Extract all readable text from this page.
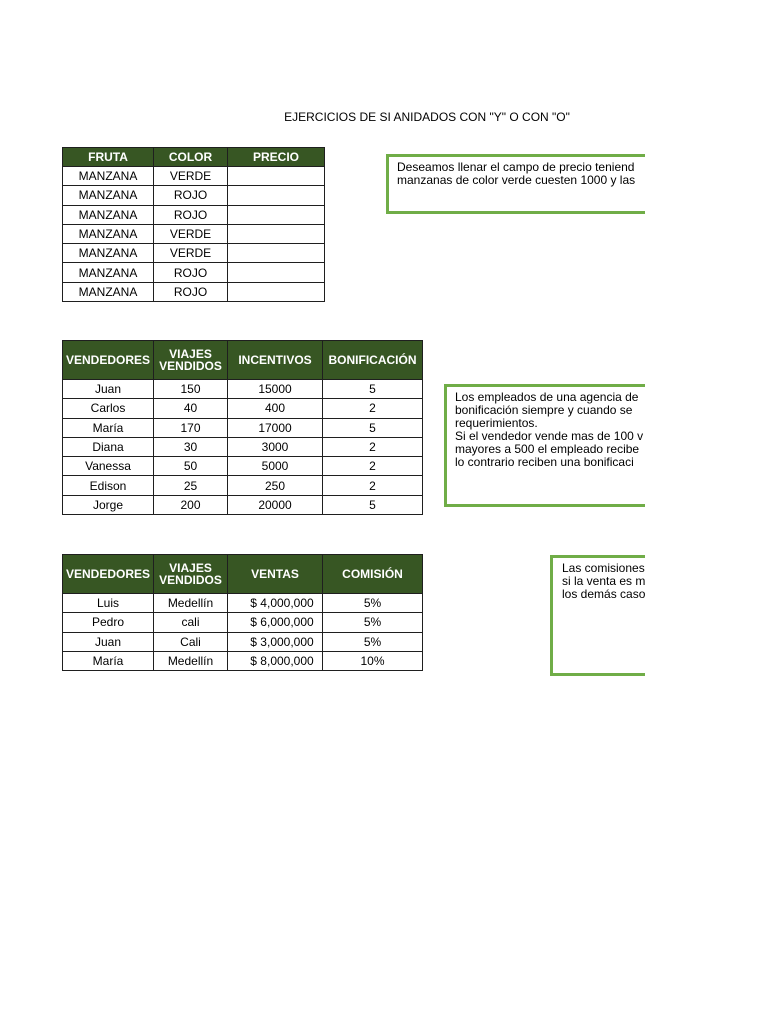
EJERCICIOS DE SI ANIDADOS CON "Y" O CON "O"
FRUTA	COLOR	PRECIO
MANZANA	VERDE	
MANZANA	ROJO	
MANZANA	ROJO	
MANZANA	VERDE	
MANZANA	VERDE	
MANZANA	ROJO	
MANZANA	ROJO	
Deseamos llenar el campo de precio teniend
manzanas de color verde cuesten 1000 y las
VENDEDORES	VIAJES
VENDIDOS	INCENTIVOS	BONIFICACIÓN
Juan	150	15000	5
Carlos	40	400	2
María	170	17000	5
Diana	30	3000	2
Vanessa	50	5000	2
Edison	25	250	2
Jorge	200	20000	5
Los empleados de una agencia de
bonificación siempre y cuando se
requerimientos.
Si el vendedor vende mas de 100 v
mayores a 500 el empleado recibe
lo contrario reciben una bonificaci
VENDEDORES	VIAJES
VENDIDOS	VENTAS	COMISIÓN
Luis	Medellín	$ 4,000,000	5%
Pedro	cali	$ 6,000,000	5%
Juan	Cali	$ 3,000,000	5%
María	Medellín	$ 8,000,000	10%
Las comisiones
si la venta es m
los demás caso
